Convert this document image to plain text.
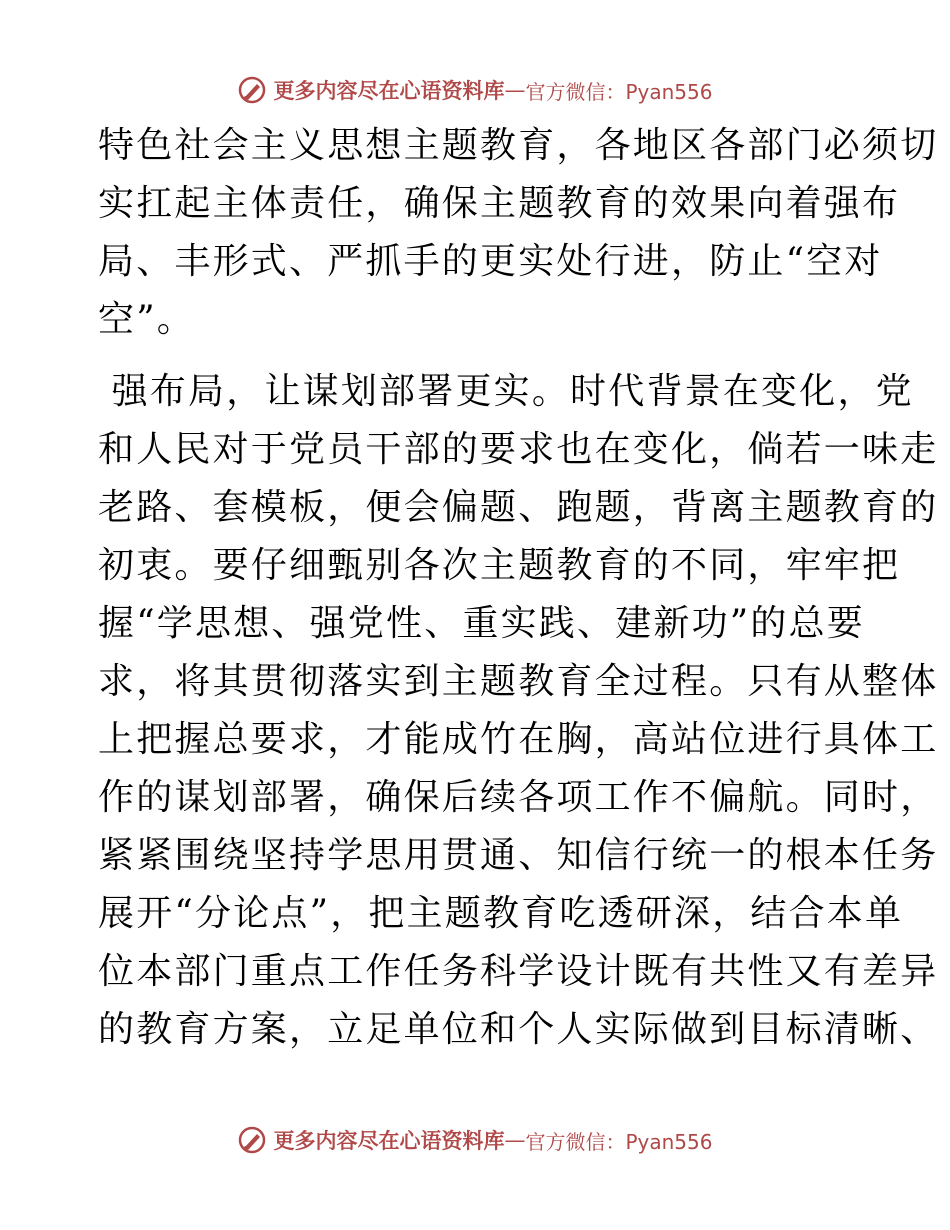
更多内容尽在心语资料库 — 官方微信：Pyan556
特色社会主义思想主题教育，各地区各部门必须切
实扛起主体责任，确保主题教育的效果向着强布
局、丰形式、严抓手的更实处行进，防止“空对
空”。
强布局，让谋划部署更实。时代背景在变化，党
和人民对于党员干部的要求也在变化，倘若一味走
老路、套模板，便会偏题、跑题，背离主题教育的
初衷。要仔细甄别各次主题教育的不同，牢牢把
握“学思想、强党性、重实践、建新功”的总要
求，将其贯彻落实到主题教育全过程。只有从整体
上把握总要求，才能成竹在胸，高站位进行具体工
作的谋划部署，确保后续各项工作不偏航。同时，
紧紧围绕坚持学思用贯通、知信行统一的根本任务
展开“分论点”，把主题教育吃透研深，结合本单
位本部门重点工作任务科学设计既有共性又有差异
的教育方案，立足单位和个人实际做到目标清晰、
更多内容尽在心语资料库 — 官方微信：Pyan556
